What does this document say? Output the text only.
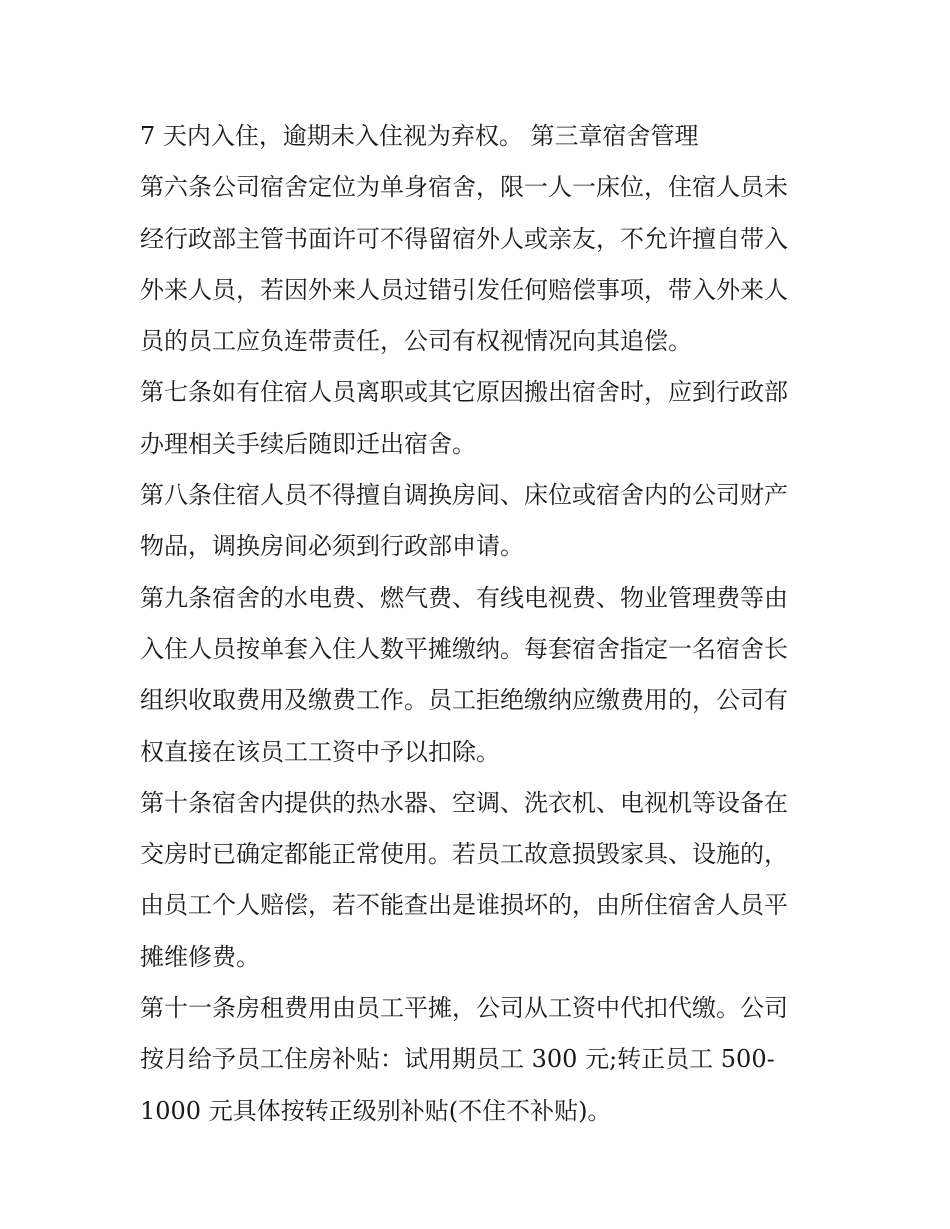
7 天内入住，逾期未入住视为弃权。 第三章宿舍管理
第六条公司宿舍定位为单身宿舍，限一人一床位，住宿人员未
经行政部主管书面许可不得留宿外人或亲友，不允许擅自带入
外来人员，若因外来人员过错引发任何赔偿事项，带入外来人
员的员工应负连带责任，公司有权视情况向其追偿。
第七条如有住宿人员离职或其它原因搬出宿舍时，应到行政部
办理相关手续后随即迁出宿舍。
第八条住宿人员不得擅自调换房间、床位或宿舍内的公司财产
物品，调换房间必须到行政部申请。
第九条宿舍的水电费、燃气费、有线电视费、物业管理费等由
入住人员按单套入住人数平摊缴纳。每套宿舍指定一名宿舍长
组织收取费用及缴费工作。员工拒绝缴纳应缴费用的，公司有
权直接在该员工工资中予以扣除。
第十条宿舍内提供的热水器、空调、洗衣机、电视机等设备在
交房时已确定都能正常使用。若员工故意损毁家具、设施的，
由员工个人赔偿，若不能查出是谁损坏的，由所住宿舍人员平
摊维修费。
第十一条房租费用由员工平摊，公司从工资中代扣代缴。公司
按月给予员工住房补贴：试用期员工 300 元;转正员工 500-
1000 元具体按转正级别补贴(不住不补贴)。
